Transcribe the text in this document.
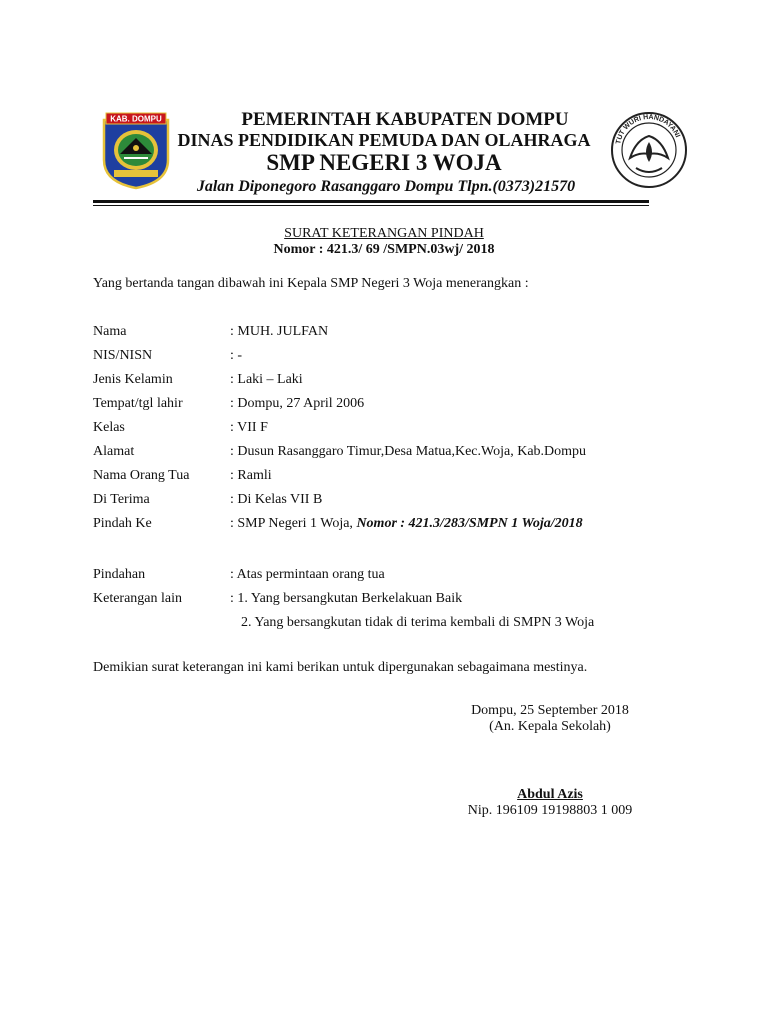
KAB. DOMPU
TUT WURI HANDAYANI
PEMERINTAH KABUPATEN DOMPU
DINAS PENDIDIKAN PEMUDA DAN OLAHRAGA
SMP NEGERI 3 WOJA
Jalan Diponegoro Rasanggaro Dompu Tlpn.(0373)21570
SURAT KETERANGAN PINDAH
Nomor : 421.3/ 69 /SMPN.03wj/ 2018
Yang bertanda tangan dibawah ini Kepala SMP Negeri 3 Woja menerangkan :
Nama	: MUH. JULFAN
NIS/NISN	: -
Jenis Kelamin	: Laki – Laki
Tempat/tgl lahir	: Dompu, 27 April 2006
Kelas	: VII F
Alamat	: Dusun Rasanggaro Timur,Desa Matua,Kec.Woja, Kab.Dompu
Nama Orang Tua	: Ramli
Di Terima	: Di Kelas VII B
Pindah Ke	: SMP Negeri 1 Woja, Nomor : 421.3/283/SMPN 1 Woja/2018
Pindahan	: Atas permintaan orang tua
Keterangan lain	: 1. Yang bersangkutan Berkelakuan Baik
2. Yang bersangkutan tidak di terima kembali di SMPN 3 Woja
Demikian surat keterangan ini kami berikan untuk dipergunakan sebagaimana mestinya.
Dompu, 25 September 2018
(An. Kepala Sekolah)
Abdul Azis
Nip. 196109 19198803 1 009
